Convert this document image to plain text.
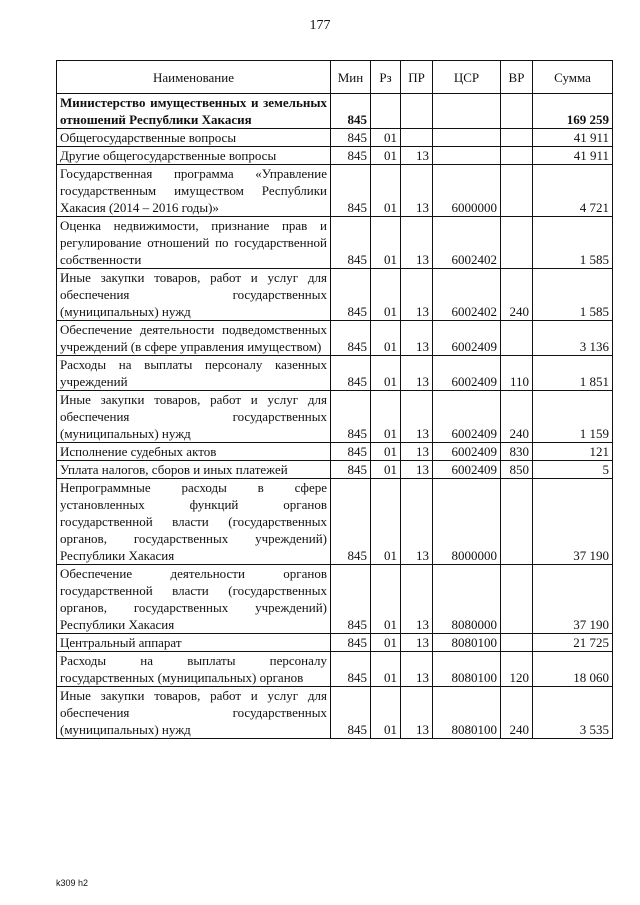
177
Наименование	Мин	Рз	ПР	ЦСР	ВР	Сумма
Министерство имущественных и земельных отношений Республики Хакасия	845					169 259
Общегосударственные вопросы	845	01				41 911
Другие общегосударственные вопросы	845	01	13			41 911
Государственная программа «Управление государственным имуществом Республики Хакасия (2014 – 2016 годы)»	845	01	13	6000000		4 721
Оценка недвижимости, признание прав и регулирование отношений по государственной собственности	845	01	13	6002402		1 585
Иные закупки товаров, работ и услуг для обеспечения государственных (муниципальных) нужд	845	01	13	6002402	240	1 585
Обеспечение деятельности подведомственных учреждений (в сфере управления имуществом)	845	01	13	6002409		3 136
Расходы на выплаты персоналу казенных учреждений	845	01	13	6002409	110	1 851
Иные закупки товаров, работ и услуг для обеспечения государственных (муниципальных) нужд	845	01	13	6002409	240	1 159
Исполнение судебных актов	845	01	13	6002409	830	121
Уплата налогов, сборов и иных платежей	845	01	13	6002409	850	5
Непрограммные расходы в сфере установленных функций органов государственной власти (государственных органов, государственных учреждений) Республики Хакасия	845	01	13	8000000		37 190
Обеспечение деятельности органов государственной власти (государственных органов, государственных учреждений) Республики Хакасия	845	01	13	8080000		37 190
Центральный аппарат	845	01	13	8080100		21 725
Расходы на выплаты персоналу государственных (муниципальных) органов	845	01	13	8080100	120	18 060
Иные закупки товаров, работ и услуг для обеспечения государственных (муниципальных) нужд	845	01	13	8080100	240	3 535
k309 h2
